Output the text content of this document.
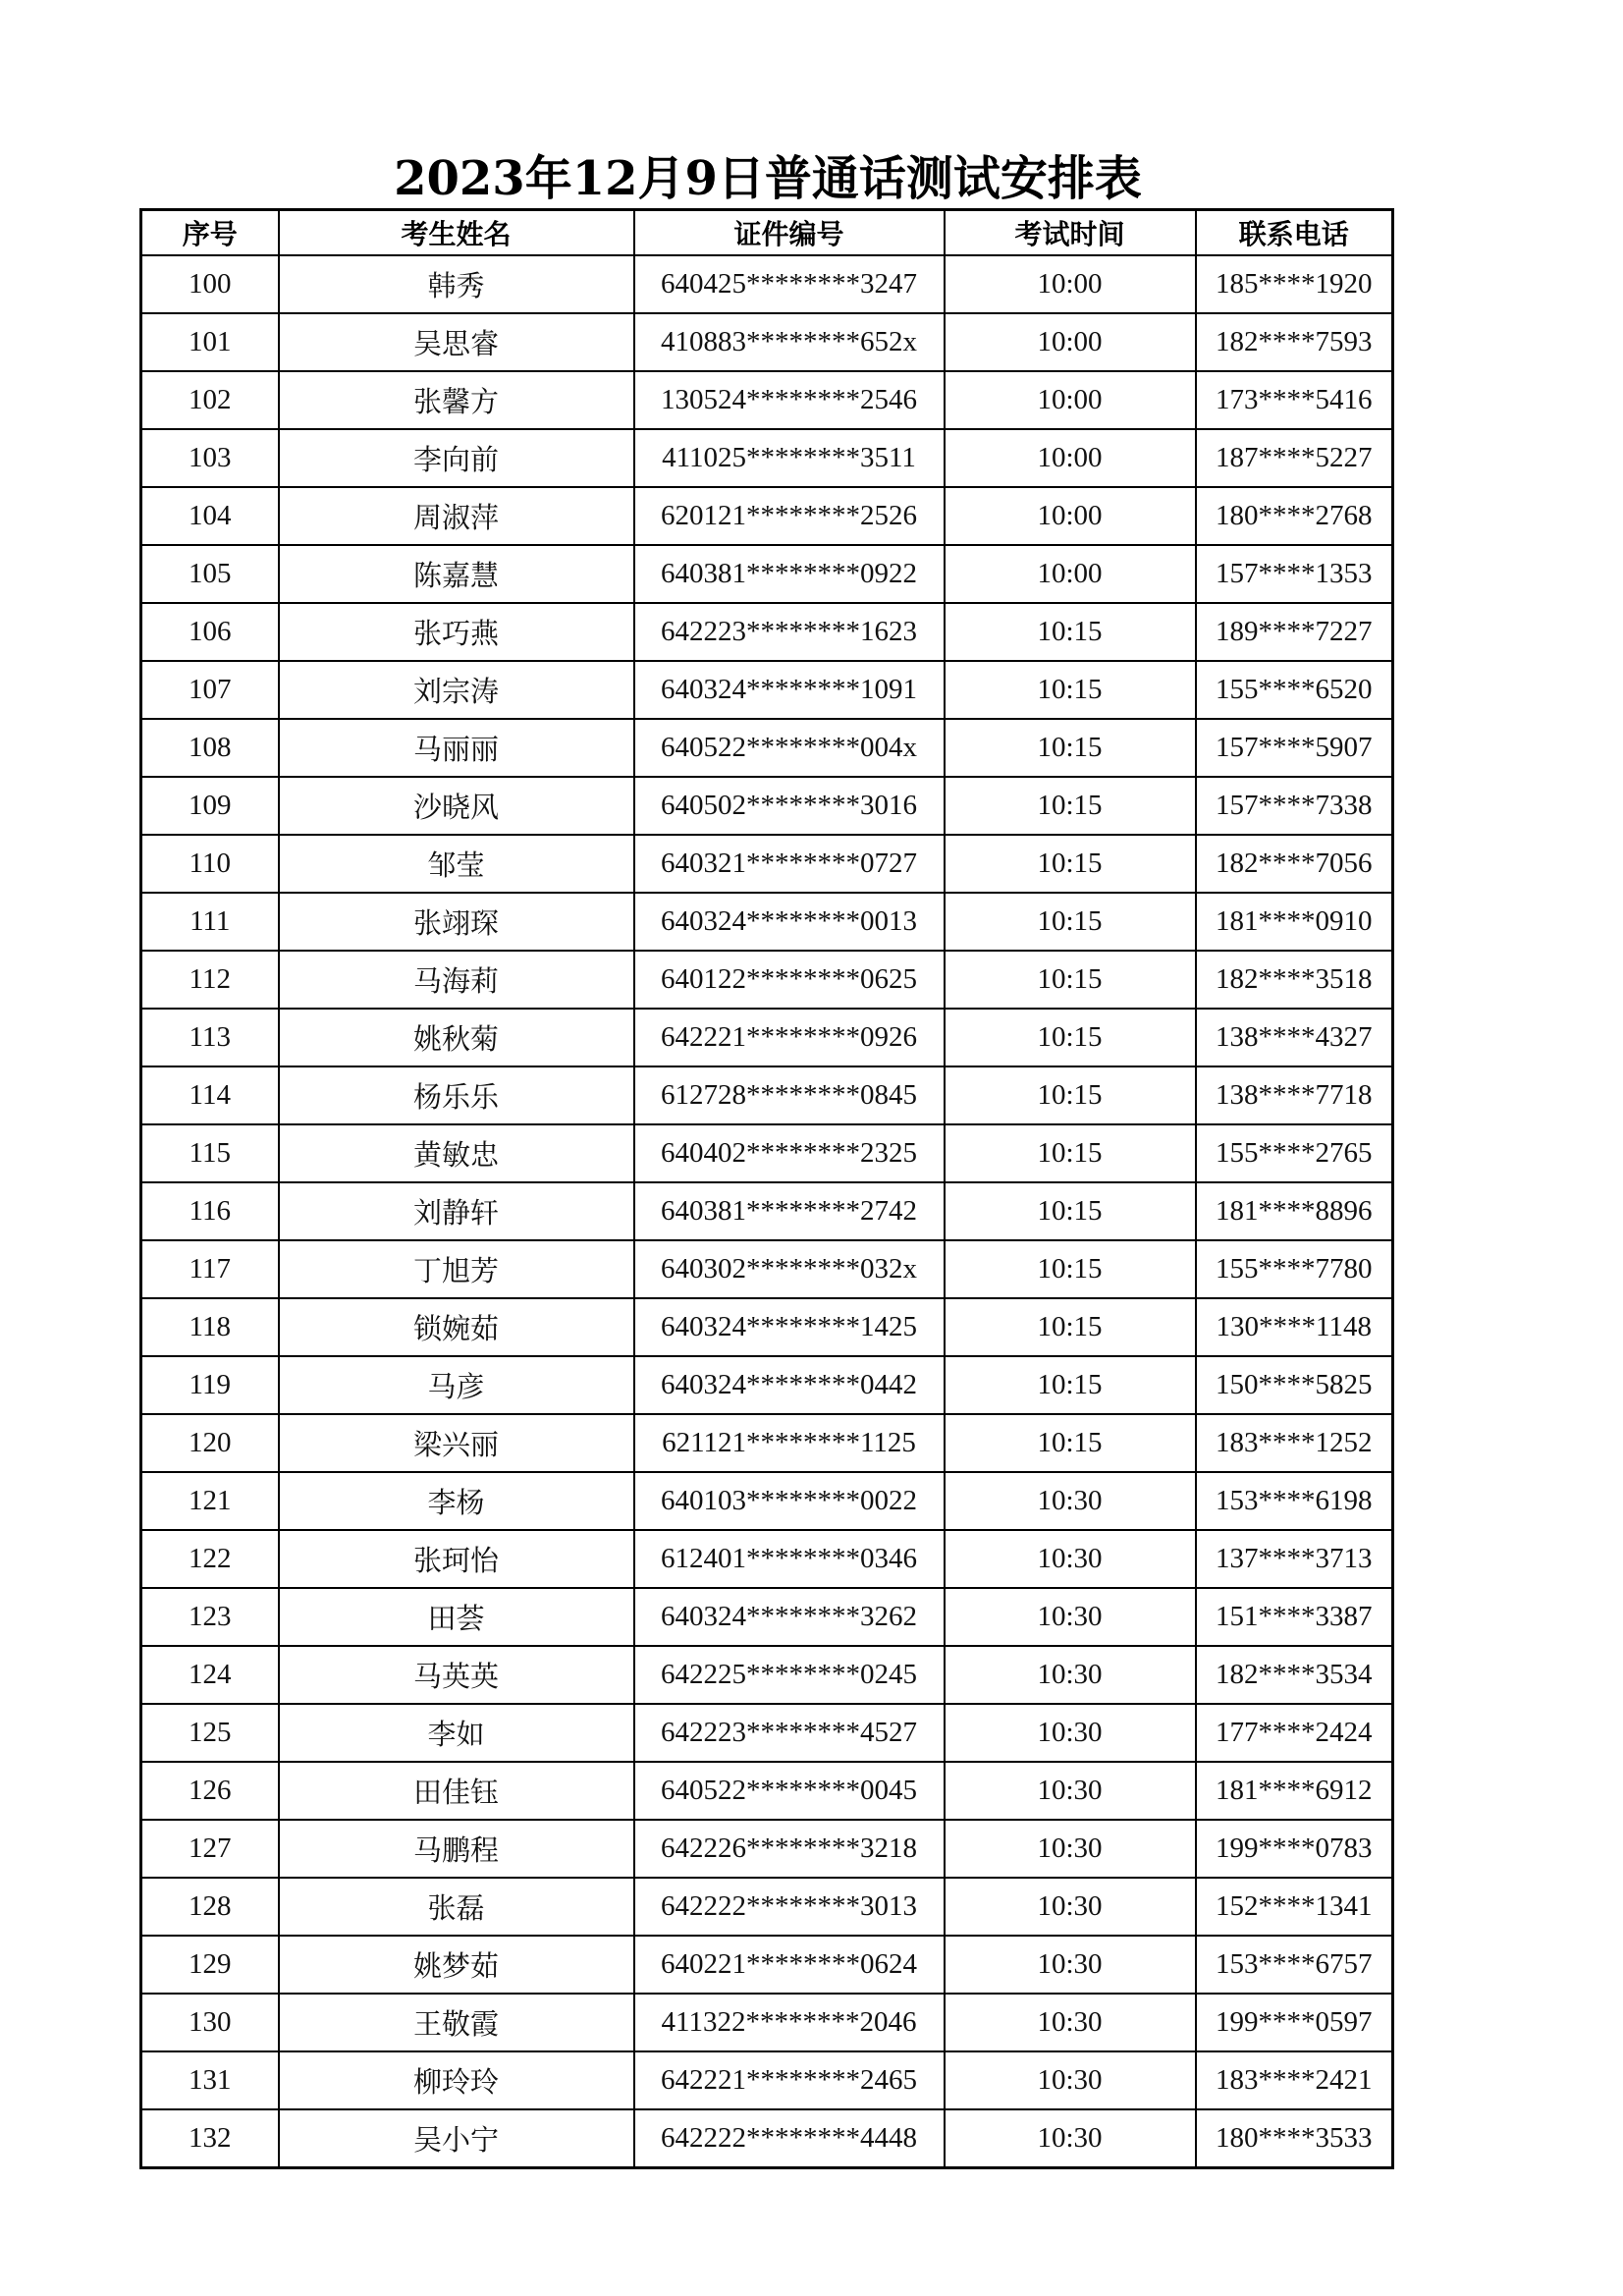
2023年12月9日普通话测试安排表
序号	考生姓名	证件编号	考试时间	联系电话
100	韩秀	640425********3247	10:00	185****1920
101	吴思睿	410883********652x	10:00	182****7593
102	张馨方	130524********2546	10:00	173****5416
103	李向前	411025********3511	10:00	187****5227
104	周淑萍	620121********2526	10:00	180****2768
105	陈嘉慧	640381********0922	10:00	157****1353
106	张巧燕	642223********1623	10:15	189****7227
107	刘宗涛	640324********1091	10:15	155****6520
108	马丽丽	640522********004x	10:15	157****5907
109	沙晓风	640502********3016	10:15	157****7338
110	邹莹	640321********0727	10:15	182****7056
111	张翊琛	640324********0013	10:15	181****0910
112	马海莉	640122********0625	10:15	182****3518
113	姚秋菊	642221********0926	10:15	138****4327
114	杨乐乐	612728********0845	10:15	138****7718
115	黄敏忠	640402********2325	10:15	155****2765
116	刘静轩	640381********2742	10:15	181****8896
117	丁旭芳	640302********032x	10:15	155****7780
118	锁婉茹	640324********1425	10:15	130****1148
119	马彦	640324********0442	10:15	150****5825
120	梁兴丽	621121********1125	10:15	183****1252
121	李杨	640103********0022	10:30	153****6198
122	张珂怡	612401********0346	10:30	137****3713
123	田荟	640324********3262	10:30	151****3387
124	马英英	642225********0245	10:30	182****3534
125	李如	642223********4527	10:30	177****2424
126	田佳钰	640522********0045	10:30	181****6912
127	马鹏程	642226********3218	10:30	199****0783
128	张磊	642222********3013	10:30	152****1341
129	姚梦茹	640221********0624	10:30	153****6757
130	王敬霞	411322********2046	10:30	199****0597
131	柳玲玲	642221********2465	10:30	183****2421
132	吴小宁	642222********4448	10:30	180****3533
